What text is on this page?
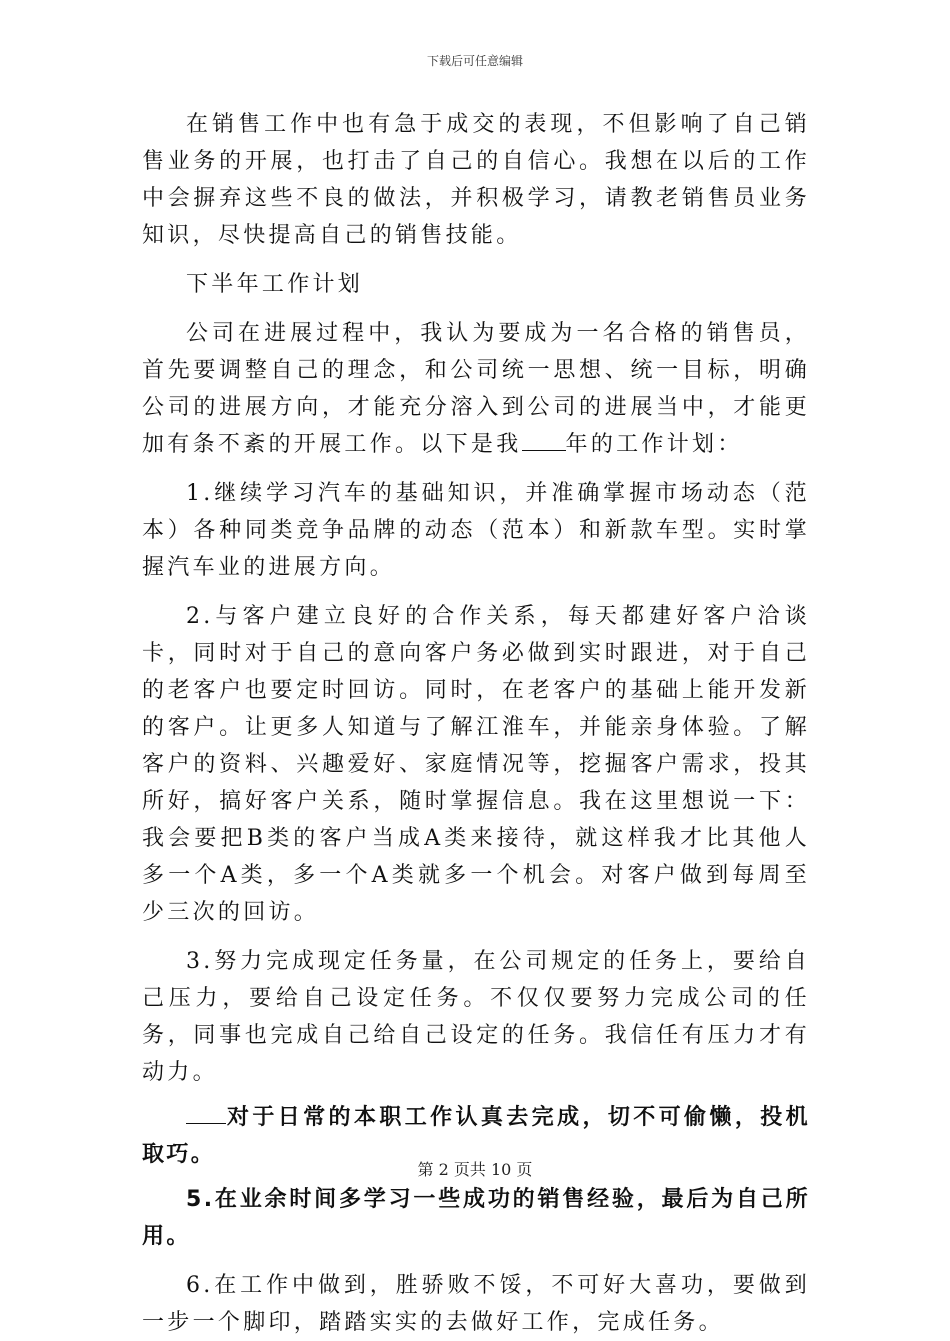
下载后可任意编辑

在销售工作中也有急于成交的表现，不但影响了自己销售业务的开展，也打击了自己的自信心。我想在以后的工作中会摒弃这些不良的做法，并积极学习，请教老销售员业务知识，尽快提高自己的销售技能。

下半年工作计划

公司在进展过程中，我认为要成为一名合格的销售员，首先要调整自己的理念，和公司统一思想、统一目标，明确公司的进展方向，才能充分溶入到公司的进展当中，才能更加有条不紊的开展工作。以下是我 年的工作计划：

1.继续学习汽车的基础知识，并准确掌握市场动态（范本）各种同类竞争品牌的动态（范本）和新款车型。实时掌握汽车业的进展方向。

2.与客户建立良好的合作关系，每天都建好客户洽谈卡，同时对于自己的意向客户务必做到实时跟进，对于自己的老客户也要定时回访。同时，在老客户的基础上能开发新的客户。让更多人知道与了解江淮车，并能亲身体验。了解客户的资料、兴趣爱好、家庭情况等，挖掘客户需求，投其所好，搞好客户关系，随时掌握信息。我在这里想说一下：我会要把B类的客户当成A类来接待，就这样我才比其他人多一个A类，多一个A类就多一个机会。对客户做到每周至少三次的回访。

3.努力完成现定任务量，在公司规定的任务上，要给自己压力，要给自己设定任务。不仅仅要努力完成公司的任务，同事也完成自己给自己设定的任务。我信任有压力才有动力。

对于日常的本职工作认真去完成，切不可偷懒，投机取巧。

5.在业余时间多学习一些成功的销售经验，最后为自己所用。

6.在工作中做到，胜骄败不馁，不可好大喜功，要做到一步一个脚印，踏踏实实的去做好工作，完成任务。

第 2 页共 10 页
